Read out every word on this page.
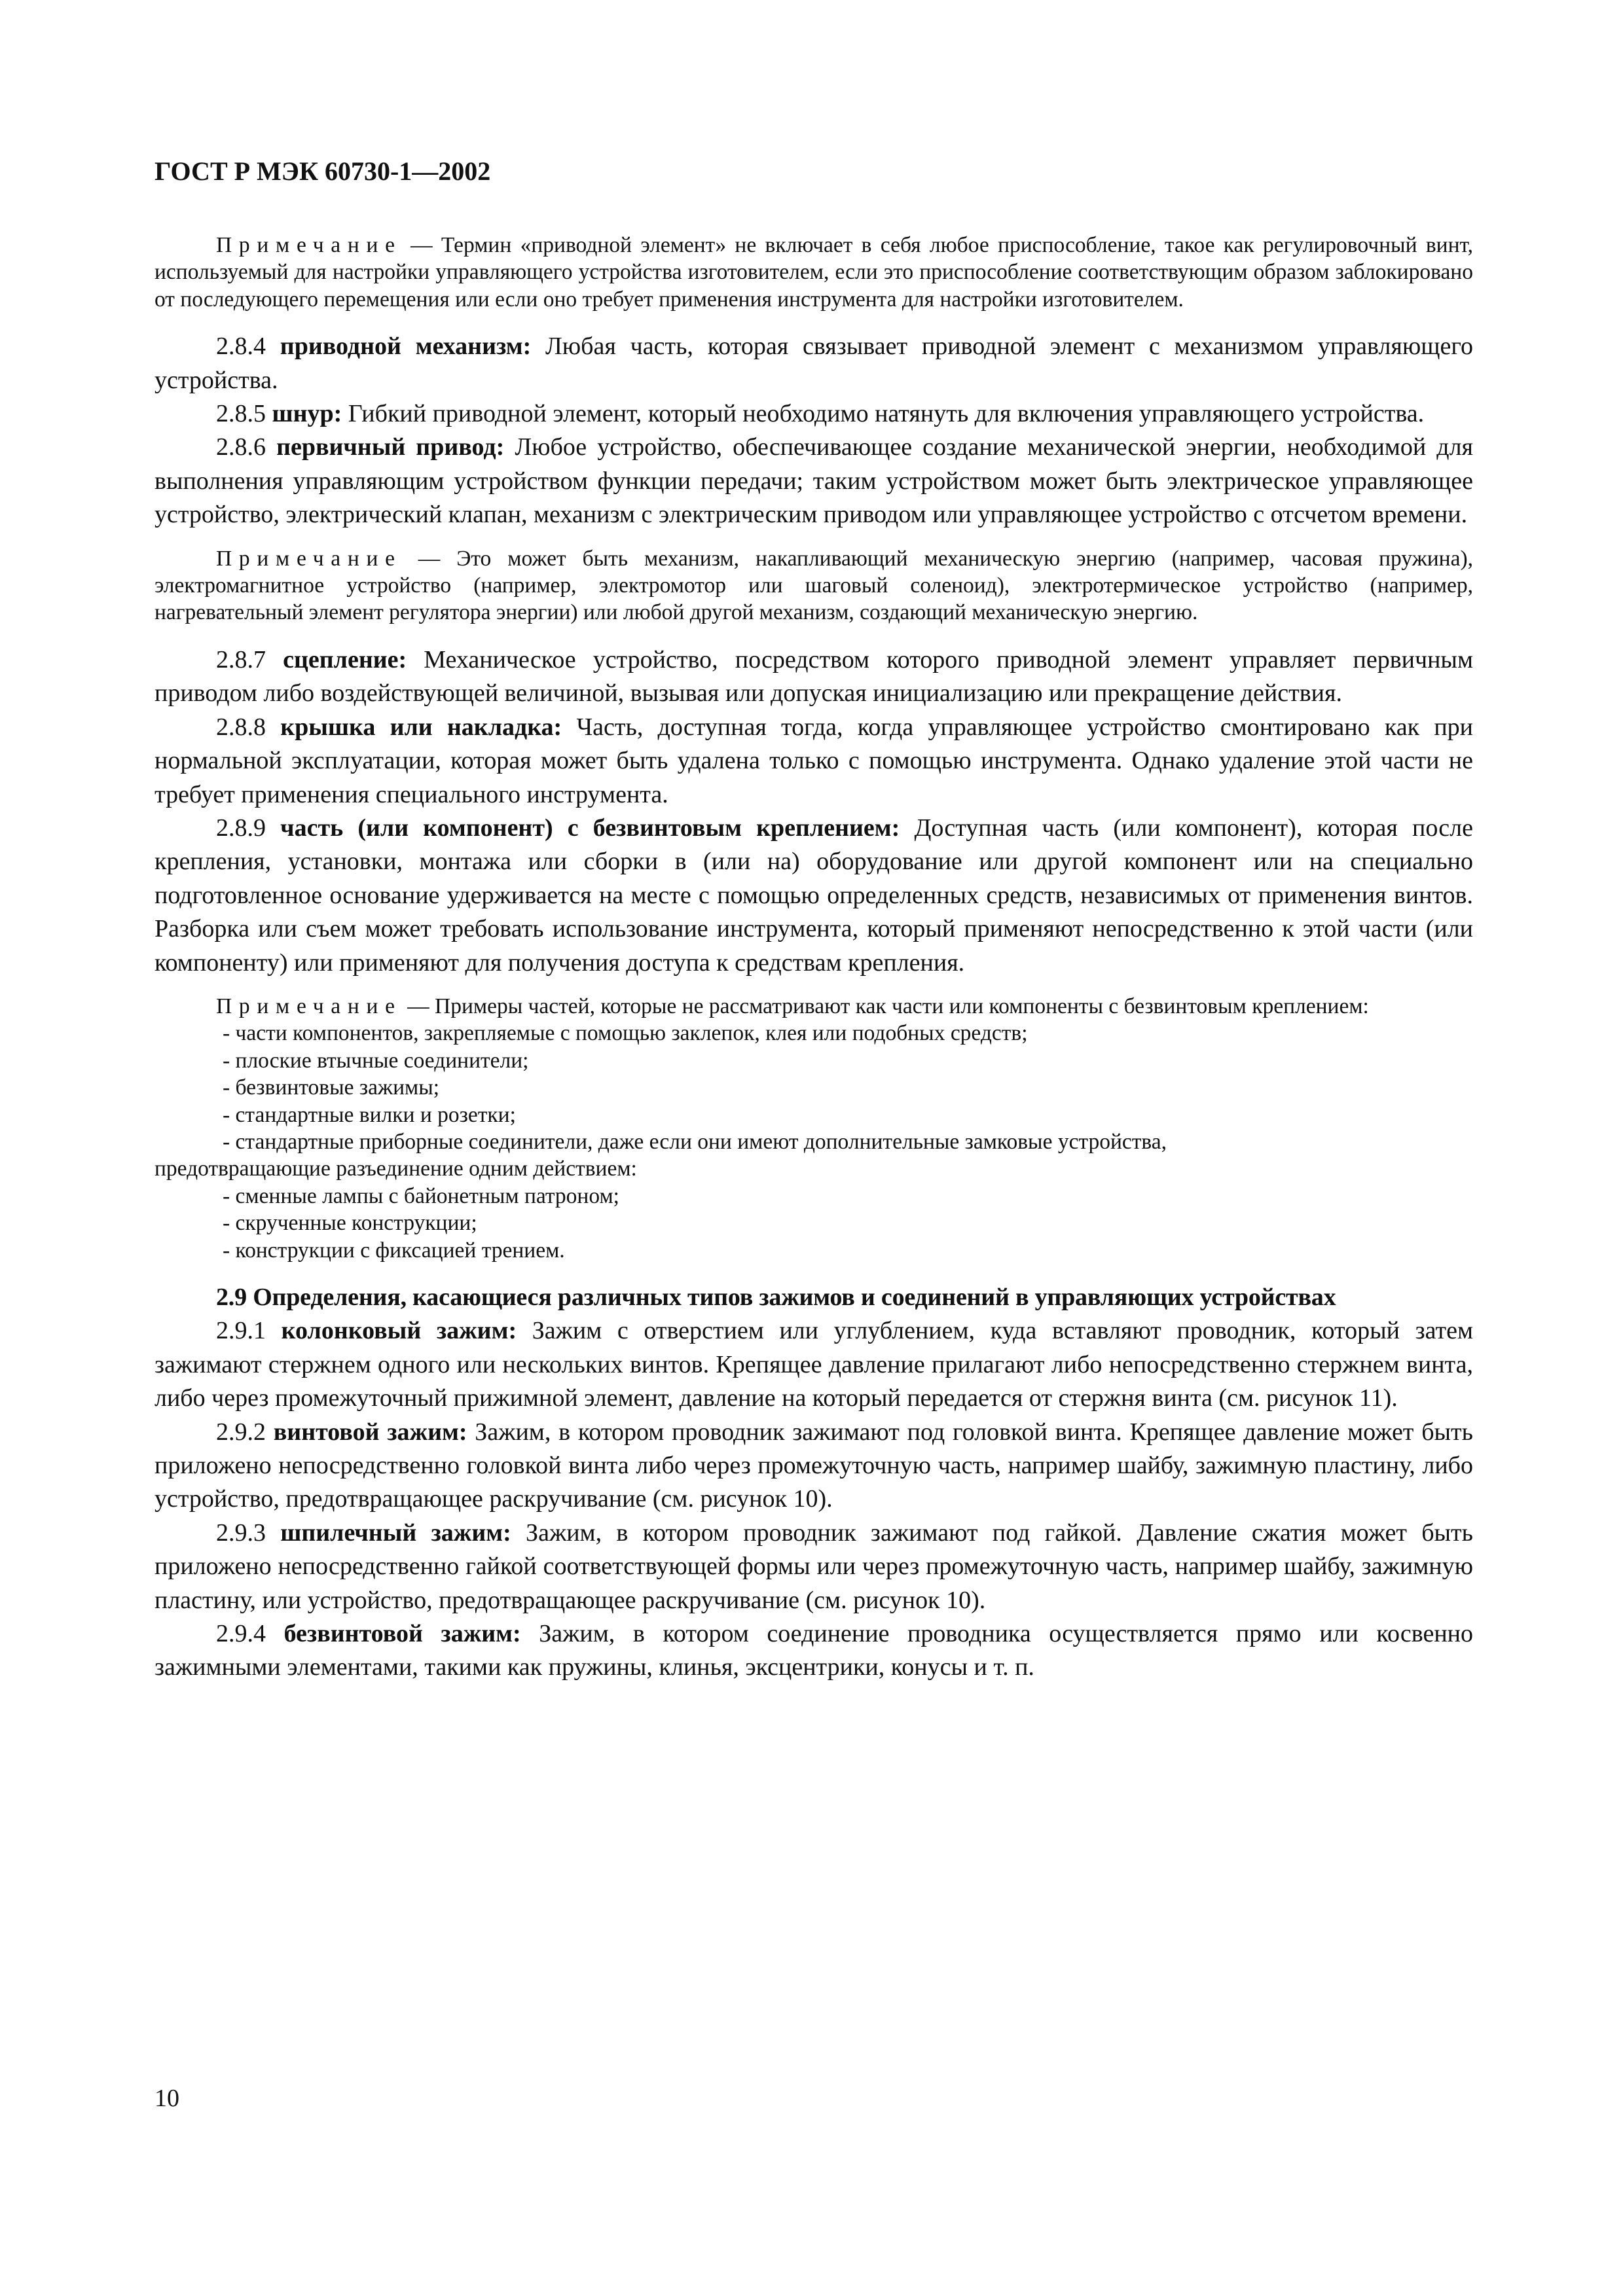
ГОСТ Р МЭК 60730-1—2002

Примечание — Термин «приводной элемент» не включает в себя любое приспособление, такое как регулировочный винт, используемый для настройки управляющего устройства изготовителем, если это приспособление соответствующим образом заблокировано от последующего перемещения или если оно требует применения инструмента для настройки изготовителем.

2.8.4 приводной механизм: Любая часть, которая связывает приводной элемент с механизмом управляющего устройства.

2.8.5 шнур: Гибкий приводной элемент, который необходимо натянуть для включения управляющего устройства.

2.8.6 первичный привод: Любое устройство, обеспечивающее создание механической энергии, необходимой для выполнения управляющим устройством функции передачи; таким устройством может быть электрическое управляющее устройство, электрический клапан, механизм с электрическим приводом или управляющее устройство с отсчетом времени.

Примечание — Это может быть механизм, накапливающий механическую энергию (например, часовая пружина), электромагнитное устройство (например, электромотор или шаговый соленоид), электротермическое устройство (например, нагревательный элемент регулятора энергии) или любой другой механизм, создающий механическую энергию.

2.8.7 сцепление: Механическое устройство, посредством которого приводной элемент управляет первичным приводом либо воздействующей величиной, вызывая или допуская инициализацию или прекращение действия.

2.8.8 крышка или накладка: Часть, доступная тогда, когда управляющее устройство смонтировано как при нормальной эксплуатации, которая может быть удалена только с помощью инструмента. Однако удаление этой части не требует применения специального инструмента.

2.8.9 часть (или компонент) с безвинтовым креплением: Доступная часть (или компонент), которая после крепления, установки, монтажа или сборки в (или на) оборудование или другой компонент или на специально подготовленное основание удерживается на месте с помощью определенных средств, независимых от применения винтов. Разборка или съем может требовать использование инструмента, который применяют непосредственно к этой части (или компоненту) или применяют для получения доступа к средствам крепления.

Примечание — Примеры частей, которые не рассматривают как части или компоненты с безвинтовым креплением:

- части компонентов, закрепляемые с помощью заклепок, клея или подобных средств;
- плоские втычные соединители;
- безвинтовые зажимы;
- стандартные вилки и розетки;
- стандартные приборные соединители, даже если они имеют дополнительные замковые устройства,
предотвращающие разъединение одним действием:
- сменные лампы с байонетным патроном;
- скрученные конструкции;
- конструкции с фиксацией трением.

2.9 Определения, касающиеся различных типов зажимов и соединений в управляющих устройствах

2.9.1 колонковый зажим: Зажим с отверстием или углублением, куда вставляют проводник, который затем зажимают стержнем одного или нескольких винтов. Крепящее давление прилагают либо непосредственно стержнем винта, либо через промежуточный прижимной элемент, давление на который передается от стержня винта (см. рисунок 11).

2.9.2 винтовой зажим: Зажим, в котором проводник зажимают под головкой винта. Крепящее давление может быть приложено непосредственно головкой винта либо через промежуточную часть, например шайбу, зажимную пластину, либо устройство, предотвращающее раскручивание (см. рисунок 10).

2.9.3 шпилечный зажим: Зажим, в котором проводник зажимают под гайкой. Давление сжатия может быть приложено непосредственно гайкой соответствующей формы или через промежуточную часть, например шайбу, зажимную пластину, или устройство, предотвращающее раскручивание (см. рисунок 10).

2.9.4 безвинтовой зажим: Зажим, в котором соединение проводника осуществляется прямо или косвенно зажимными элементами, такими как пружины, клинья, эксцентрики, конусы и т. п.

10
